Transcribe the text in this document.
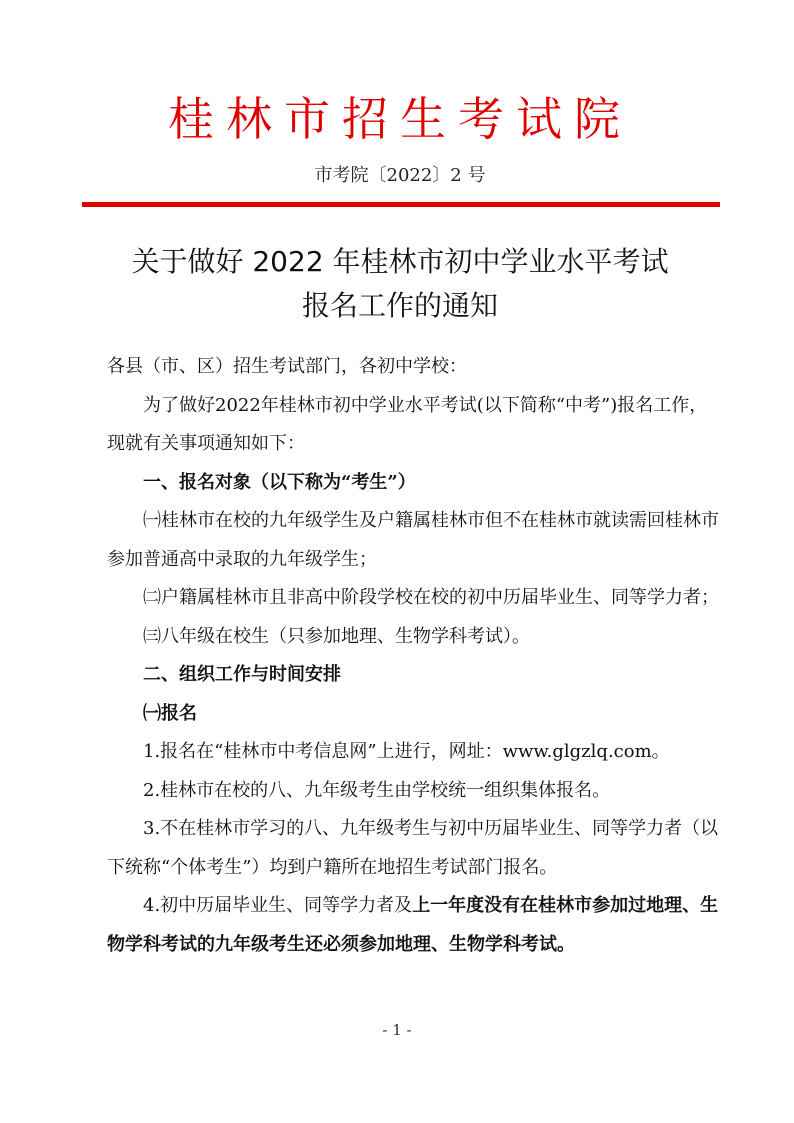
桂林市招生考试院
市考院〔2022〕2 号
关于做好 2022 年桂林市初中学业水平考试
报名工作的通知

各县（市、区）招生考试部门，各初中学校：

为了做好2022年桂林市初中学业水平考试(以下简称“中考”)报名工作，现就有关事项通知如下：

一、报名对象（以下称为“考生”）

㈠桂林市在校的九年级学生及户籍属桂林市但不在桂林市就读需回桂林市参加普通高中录取的九年级学生；

㈡户籍属桂林市且非高中阶段学校在校的初中历届毕业生、同等学力者；

㈢八年级在校生（只参加地理、生物学科考试）。

二、组织工作与时间安排

㈠报名

1.报名在“桂林市中考信息网”上进行，网址：www.glgzlq.com。

2.桂林市在校的八、九年级考生由学校统一组织集体报名。

3.不在桂林市学习的八、九年级考生与初中历届毕业生、同等学力者（以下统称“个体考生”）均到户籍所在地招生考试部门报名。

4.初中历届毕业生、同等学力者及上一年度没有在桂林市参加过地理、生物学科考试的九年级考生还必须参加地理、生物学科考试。

- 1 -
